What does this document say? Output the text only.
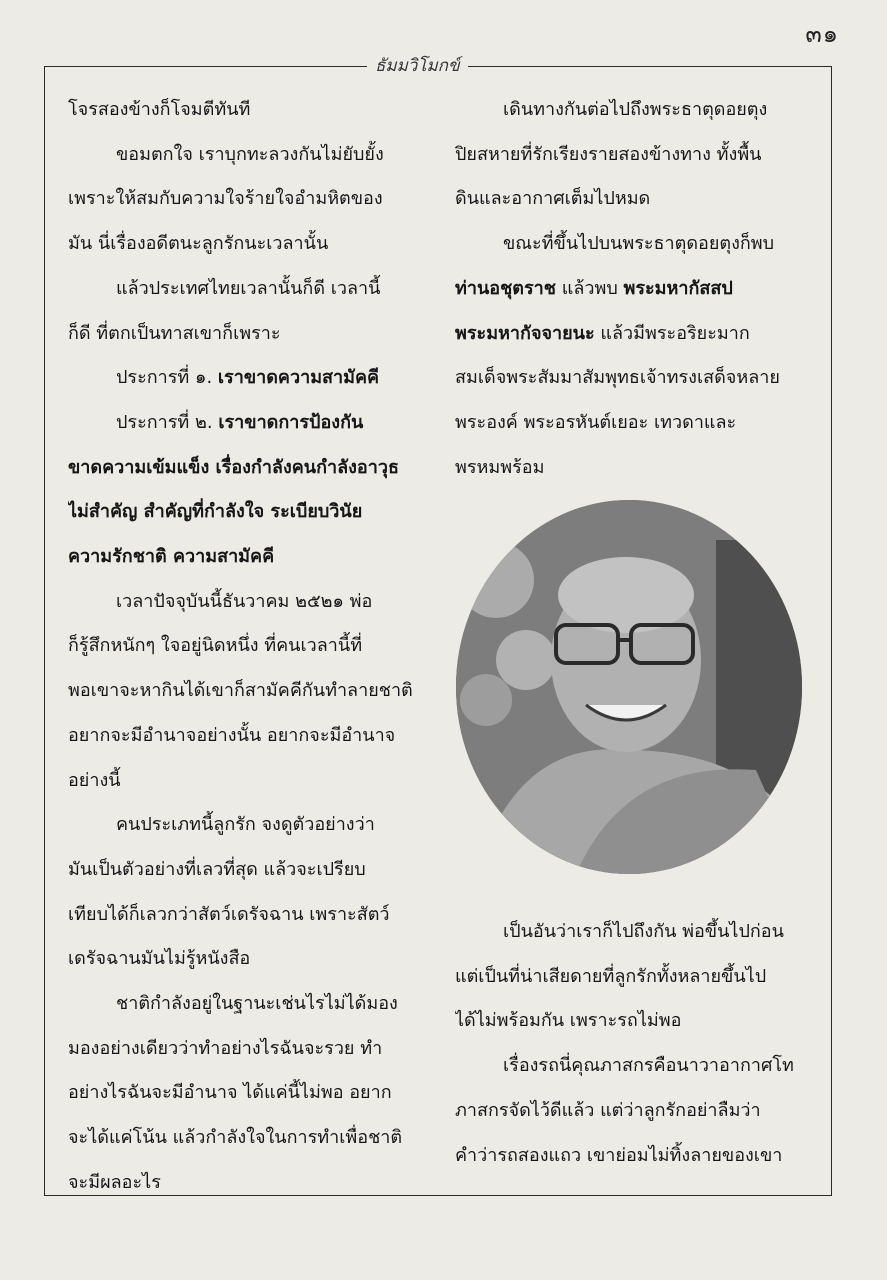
๓๑
ธัมมวิโมกข์

โจรสองข้างก็โจมตีทันที

ขอมตกใจ เราบุกทะลวงกันไม่ยับยั้ง

เพราะให้สมกับความใจร้ายใจอำมหิตของ

มัน นี่เรื่องอดีตนะลูกรักนะเวลานั้น

แล้วประเทศไทยเวลานั้นก็ดี เวลานี้

ก็ดี ที่ตกเป็นทาสเขาก็เพราะ

ประการที่ ๑. เราขาดความสามัคคี

ประการที่ ๒. เราขาดการป้องกัน

ขาดความเข้มแข็ง เรื่องกำลังคนกำลังอาวุธ

ไม่สำคัญ สำคัญที่กำลังใจ ระเบียบวินัย

ความรักชาติ ความสามัคคี

เวลาปัจจุบันนี้ธันวาคม ๒๕๒๑ พ่อ

ก็รู้สึกหนักๆ ใจอยู่นิดหนึ่ง ที่คนเวลานี้ที่

พอเขาจะหากินได้เขาก็สามัคคีกันทำลายชาติ

อยากจะมีอำนาจอย่างนั้น อยากจะมีอำนาจ

อย่างนี้

คนประเภทนี้ลูกรัก จงดูตัวอย่างว่า

มันเป็นตัวอย่างที่เลวที่สุด แล้วจะเปรียบ

เทียบได้ก็เลวกว่าสัตว์เดรัจฉาน เพราะสัตว์

เดรัจฉานมันไม่รู้หนังสือ

ชาติกำลังอยู่ในฐานะเช่นไรไม่ได้มอง

มองอย่างเดียวว่าทำอย่างไรฉันจะรวย ทำ

อย่างไรฉันจะมีอำนาจ ได้แค่นี้ไม่พอ อยาก

จะได้แค่โน้น แล้วกำลังใจในการทำเพื่อชาติ

จะมีผลอะไร

เดินทางกันต่อไปถึงพระธาตุดอยตุง

ปิยสหายที่รักเรียงรายสองข้างทาง ทั้งพื้น

ดินและอากาศเต็มไปหมด

ขณะที่ขึ้นไปบนพระธาตุดอยตุงก็พบ

ท่านอชุตราช แล้วพบ พระมหากัสสป

พระมหากัจจายนะ แล้วมีพระอริยะมาก

สมเด็จพระสัมมาสัมพุทธเจ้าทรงเสด็จหลาย

พระองค์ พระอรหันต์เยอะ เทวดาและ

พรหมพร้อม

เป็นอันว่าเราก็ไปถึงกัน พ่อขึ้นไปก่อน

แต่เป็นที่น่าเสียดายที่ลูกรักทั้งหลายขึ้นไป

ได้ไม่พร้อมกัน เพราะรถไม่พอ

เรื่องรถนี่คุณภาสกรคือนาวาอากาศโท

ภาสกรจัดไว้ดีแล้ว แต่ว่าลูกรักอย่าลืมว่า

คำว่ารถสองแถว เขาย่อมไม่ทิ้งลายของเขา
